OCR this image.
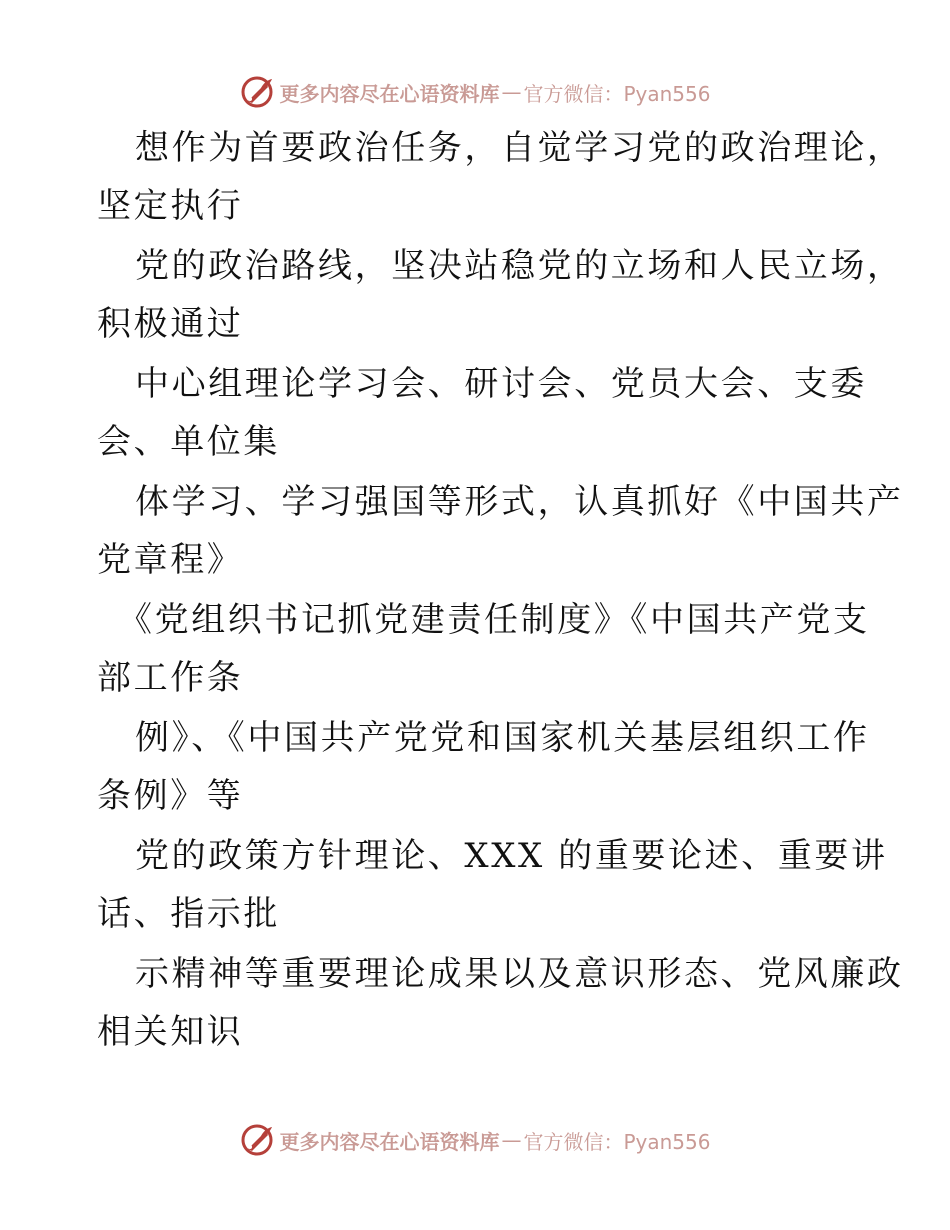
更多内容尽在心语资料库 — 官方微信：Pyan556
想作为首要政治任务，自觉学习党的政治理论，
坚定执行
党的政治路线，坚决站稳党的立场和人民立场，
积极通过
中心组理论学习会、研讨会、党员大会、支委
会、单位集
体学习、学习强国等形式，认真抓好《中国共产
党章程》
《党组织书记抓党建责任制度》《中国共产党支
部工作条
例》、《中国共产党党和国家机关基层组织工作
条例》等
党的政策方针理论、XXX 的重要论述、重要讲
话、指示批
示精神等重要理论成果以及意识形态、党风廉政
相关知识
更多内容尽在心语资料库 — 官方微信：Pyan556
